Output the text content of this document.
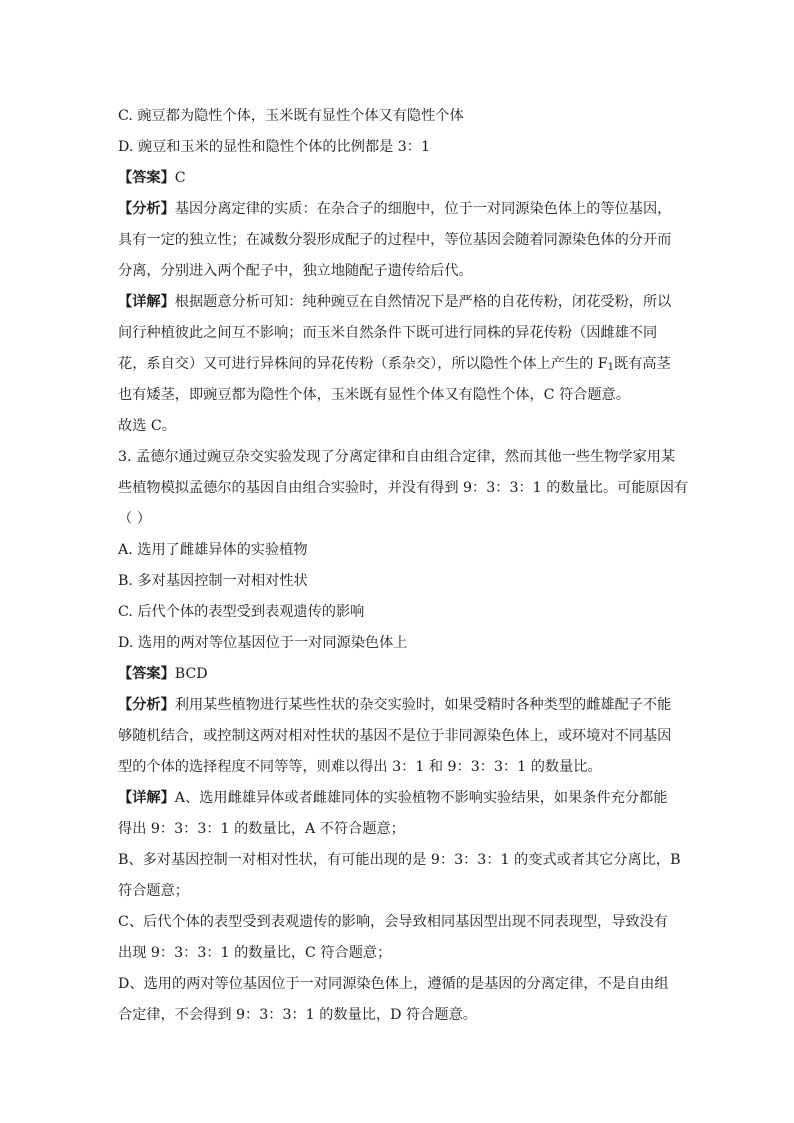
C. 豌豆都为隐性个体，玉米既有显性个体又有隐性个体

D. 豌豆和玉米的显性和隐性个体的比例都是 3：1

【答案】C

【分析】基因分离定律的实质：在杂合子的细胞中，位于一对同源染色体上的等位基因，

具有一定的独立性；在减数分裂形成配子的过程中，等位基因会随着同源染色体的分开而

分离，分别进入两个配子中，独立地随配子遗传给后代。

【详解】根据题意分析可知：纯种豌豆在自然情况下是严格的自花传粉，闭花受粉，所以

间行种植彼此之间互不影响；而玉米自然条件下既可进行同株的异花传粉（因雌雄不同

花，系自交）又可进行异株间的异花传粉（系杂交），所以隐性个体上产生的 $F_1$既有高茎

也有矮茎，即豌豆都为隐性个体，玉米既有显性个体又有隐性个体，C 符合题意。

故选 C。

3. 孟德尔通过豌豆杂交实验发现了分离定律和自由组合定律，然而其他一些生物学家用某

些植物模拟孟德尔的基因自由组合实验时，并没有得到 9：3：3：1 的数量比。可能原因有

（ ）

A. 选用了雌雄异体的实验植物

B. 多对基因控制一对相对性状

C. 后代个体的表型受到表观遗传的影响

D. 选用的两对等位基因位于一对同源染色体上

【答案】BCD

【分析】利用某些植物进行某些性状的杂交实验时，如果受精时各种类型的雌雄配子不能

够随机结合，或控制这两对相对性状的基因不是位于非同源染色体上，或环境对不同基因

型的个体的选择程度不同等等，则难以得出 3：1 和 9：3：3：1 的数量比。

【详解】A、选用雌雄异体或者雌雄同体的实验植物不影响实验结果，如果条件充分都能

得出 9：3：3：1 的数量比，A 不符合题意；

B、多对基因控制一对相对性状，有可能出现的是 9：3：3：1 的变式或者其它分离比，B

符合题意；

C、后代个体的表型受到表观遗传的影响，会导致相同基因型出现不同表现型，导致没有

出现 9：3：3：1 的数量比，C 符合题意；

D、选用的两对等位基因位于一对同源染色体上，遵循的是基因的分离定律，不是自由组

合定律，不会得到 9：3：3：1 的数量比，D 符合题意。
